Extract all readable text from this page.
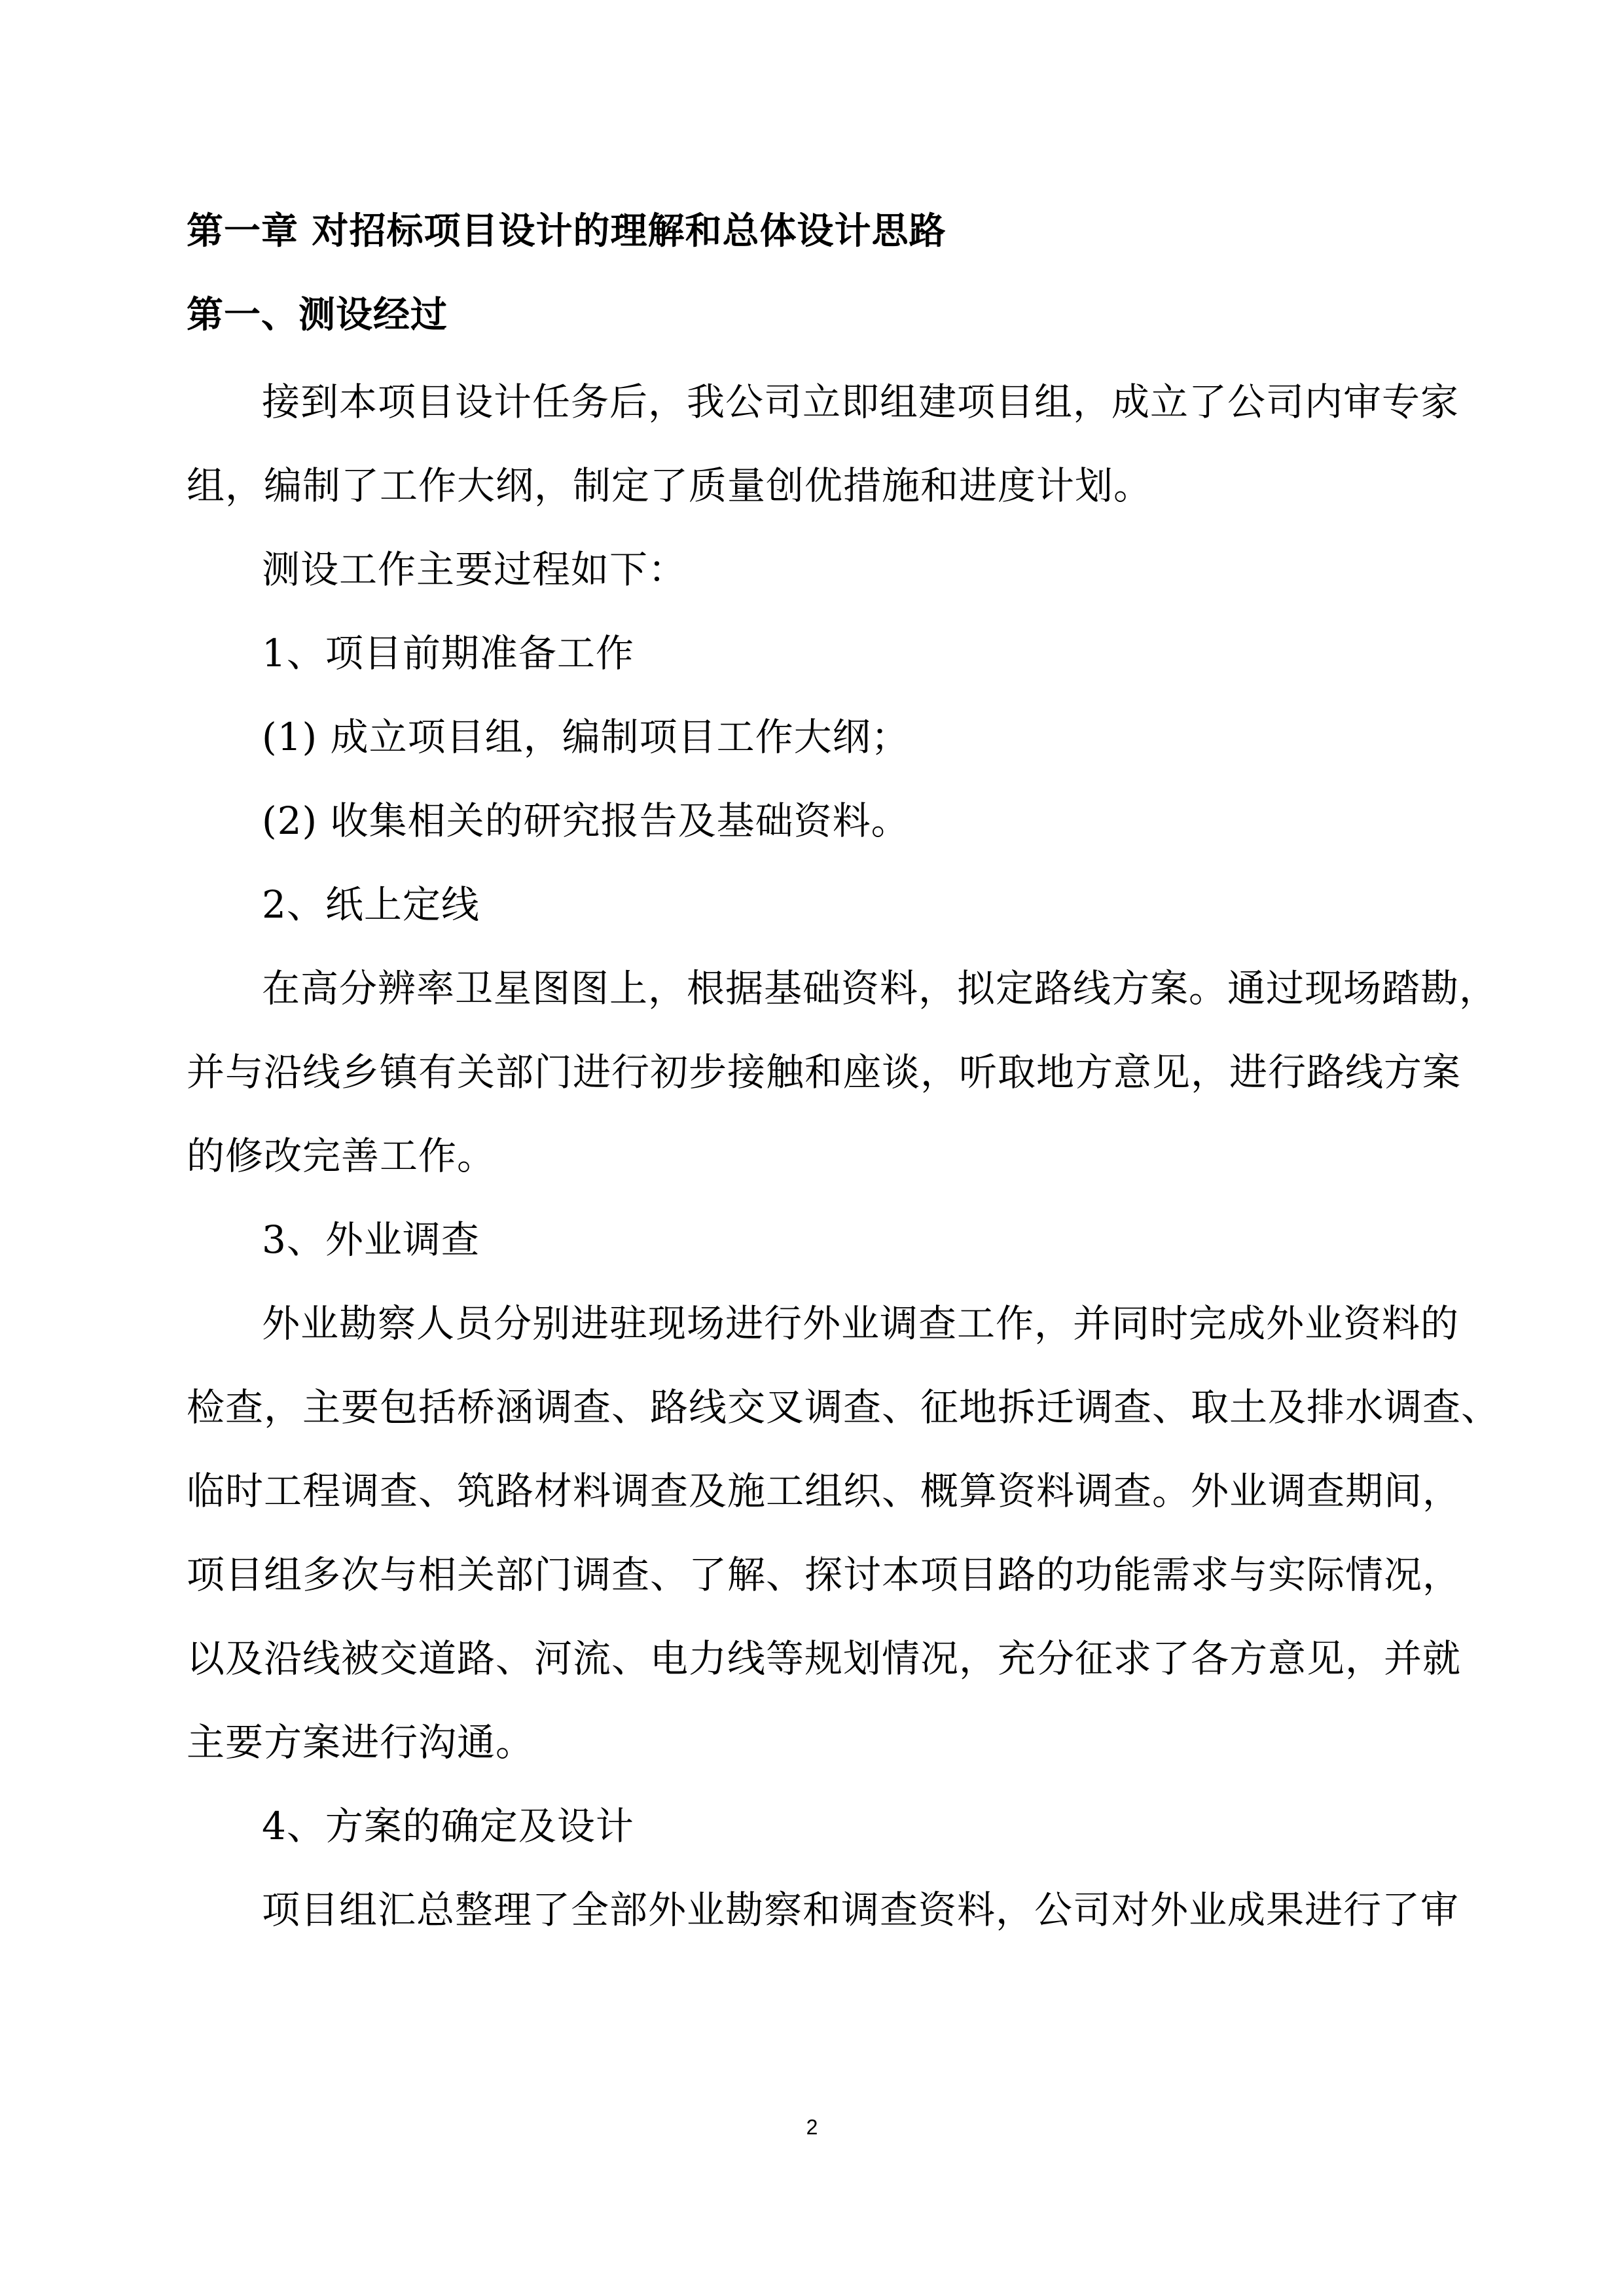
第一章 对招标项目设计的理解和总体设计思路
第一、测设经过
接到本项目设计任务后，我公司立即组建项目组，成立了公司内审专家
组，编制了工作大纲，制定了质量创优措施和进度计划。
测设工作主要过程如下：
1、项目前期准备工作
(1) 成立项目组，编制项目工作大纲；
(2) 收集相关的研究报告及基础资料。
2、纸上定线
在高分辨率卫星图图上，根据基础资料，拟定路线方案。通过现场踏勘，
并与沿线乡镇有关部门进行初步接触和座谈，听取地方意见，进行路线方案
的修改完善工作。
3、外业调查
外业勘察人员分别进驻现场进行外业调查工作，并同时完成外业资料的
检查，主要包括桥涵调查、路线交叉调查、征地拆迁调查、取土及排水调查、
临时工程调查、筑路材料调查及施工组织、概算资料调查。外业调查期间，
项目组多次与相关部门调查、了解、探讨本项目路的功能需求与实际情况，
以及沿线被交道路、河流、电力线等规划情况，充分征求了各方意见，并就
主要方案进行沟通。
4、方案的确定及设计
项目组汇总整理了全部外业勘察和调查资料，公司对外业成果进行了审
2
